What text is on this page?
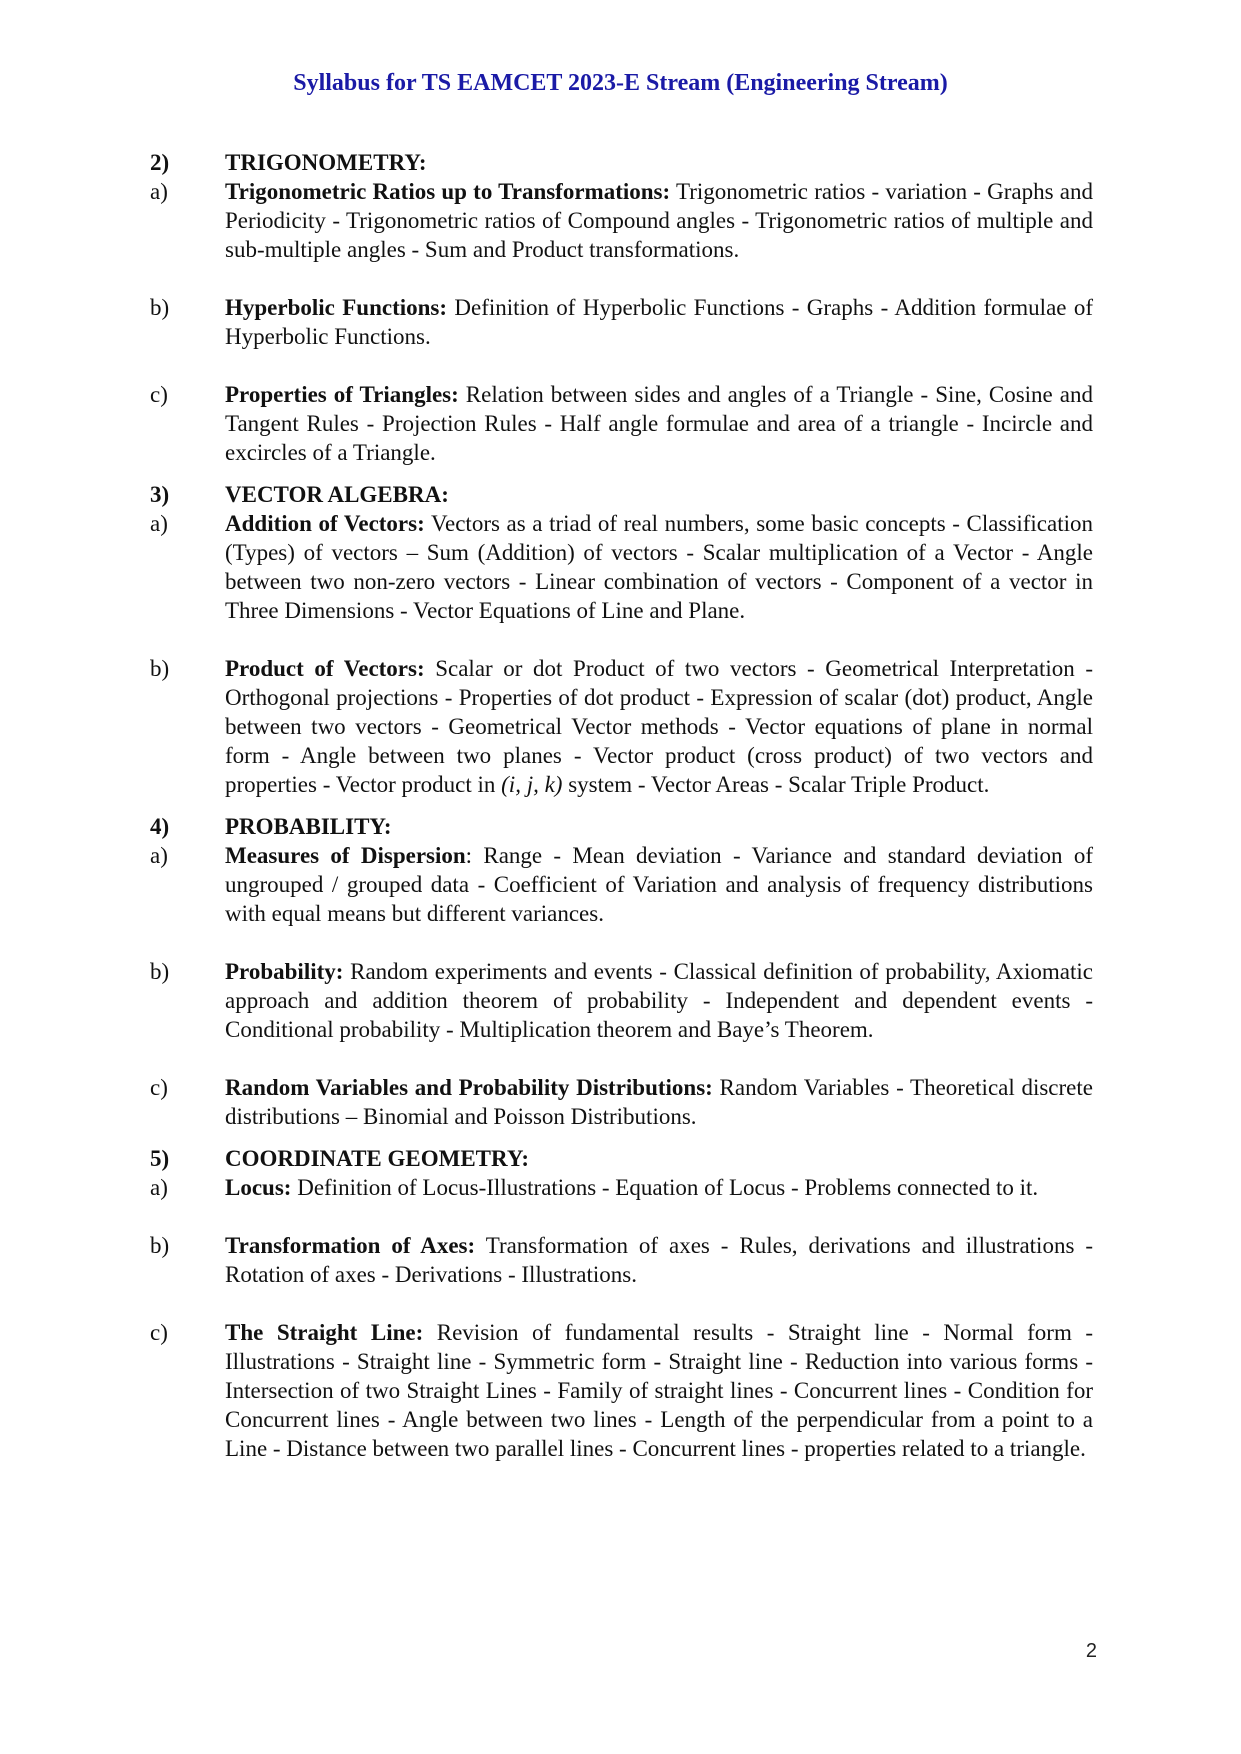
Syllabus for TS EAMCET 2023-E Stream (Engineering Stream)
2)	TRIGONOMETRY:
a)	Trigonometric Ratios up to Transformations: Trigonometric ratios - variation - Graphs and Periodicity - Trigonometric ratios of Compound angles - Trigonometric ratios of multiple and sub-multiple angles - Sum and Product transformations.
b)	Hyperbolic Functions: Definition of Hyperbolic Functions - Graphs - Addition formulae of Hyperbolic Functions.
c)	Properties of Triangles: Relation between sides and angles of a Triangle - Sine, Cosine and Tangent Rules - Projection Rules - Half angle formulae and area of a triangle - Incircle and excircles of a Triangle.
3)	VECTOR ALGEBRA:
a)	Addition of Vectors: Vectors as a triad of real numbers, some basic concepts - Classification (Types) of vectors – Sum (Addition) of vectors - Scalar multiplication of a Vector - Angle between two non-zero vectors - Linear combination of vectors - Component of a vector in Three Dimensions - Vector Equations of Line and Plane.
b)	Product of Vectors: Scalar or dot Product of two vectors - Geometrical Interpretation - Orthogonal projections - Properties of dot product - Expression of scalar (dot) product, Angle between two vectors - Geometrical Vector methods - Vector equations of plane in normal form - Angle between two planes - Vector product (cross product) of two vectors and properties - Vector product in (i, j, k) system - Vector Areas - Scalar Triple Product.
4)	PROBABILITY:
a)	Measures of Dispersion: Range - Mean deviation - Variance and standard deviation of ungrouped / grouped data - Coefficient of Variation and analysis of frequency distributions with equal means but different variances.
b)	Probability: Random experiments and events - Classical definition of probability, Axiomatic approach and addition theorem of probability - Independent and dependent events - Conditional probability - Multiplication theorem and Baye’s Theorem.
c)	Random Variables and Probability Distributions: Random Variables - Theoretical discrete distributions – Binomial and Poisson Distributions.
5)	COORDINATE GEOMETRY:
a)	Locus: Definition of Locus-Illustrations - Equation of Locus - Problems connected to it.
b)	Transformation of Axes: Transformation of axes - Rules, derivations and illustrations - Rotation of axes - Derivations - Illustrations.
c)	The Straight Line: Revision of fundamental results - Straight line - Normal form - Illustrations - Straight line - Symmetric form - Straight line - Reduction into various forms - Intersection of two Straight Lines - Family of straight lines - Concurrent lines - Condition for Concurrent lines - Angle between two lines - Length of the perpendicular from a point to a Line - Distance between two parallel lines - Concurrent lines - properties related to a triangle.
2
